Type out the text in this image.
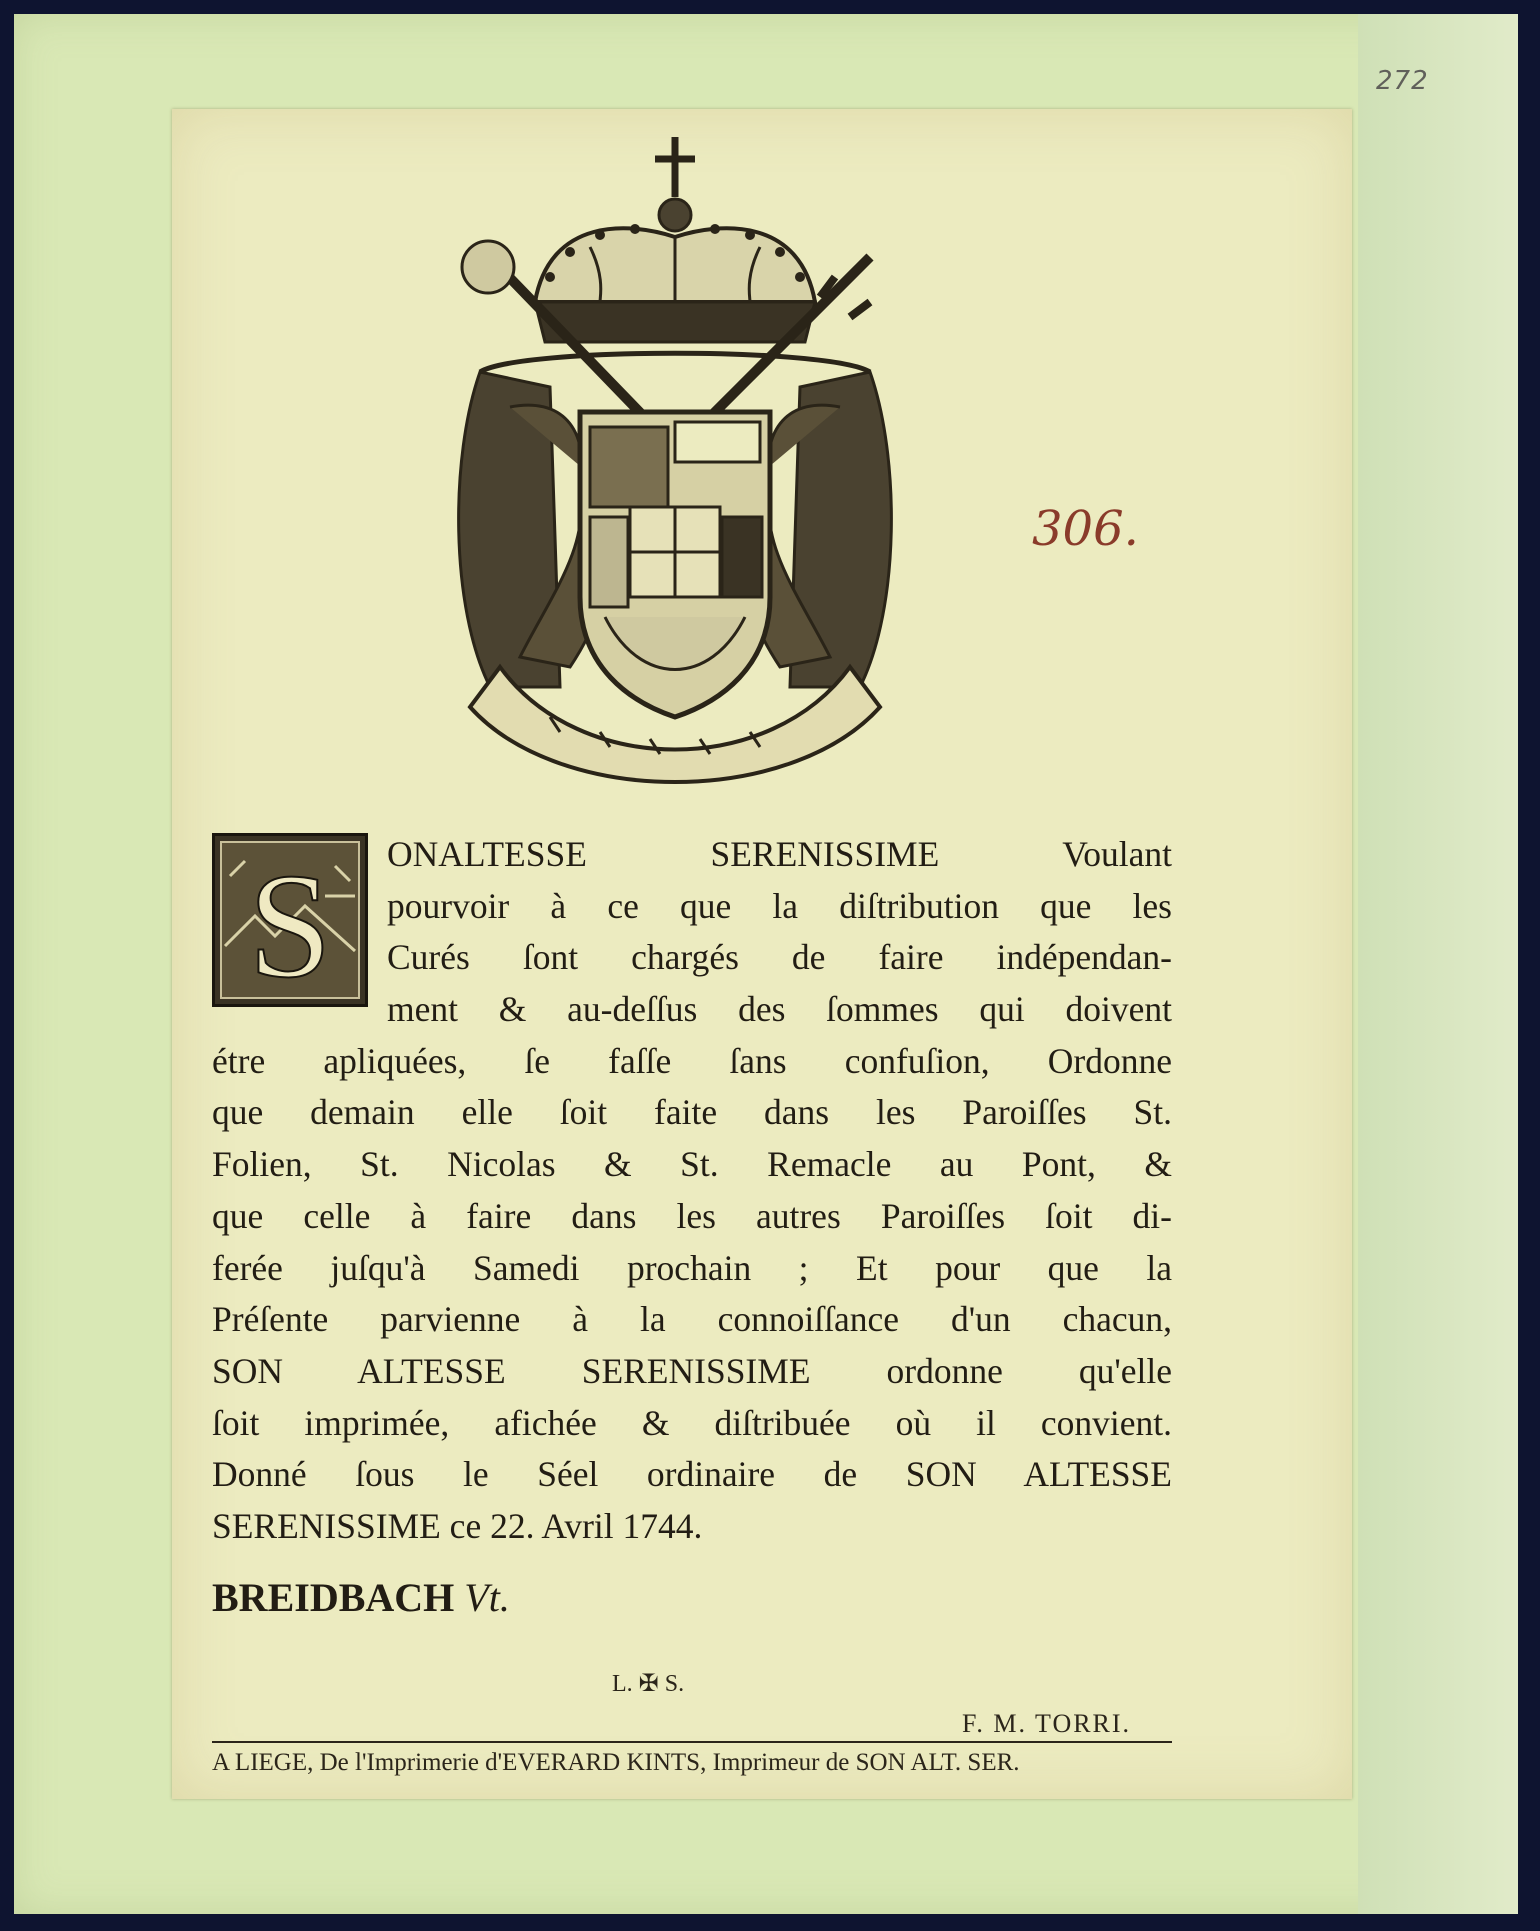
272
306.
S	ONALTESSE SERENISSIME Voulant
pourvoir à ce que la diſtribution que les
Curés ſont chargés de faire indépendan-
ment & au-deſſus des ſommes qui doivent
étre apliquées, ſe faſſe ſans confuſion, Ordonne
que demain elle ſoit faite dans les Paroiſſes St.
Folien, St. Nicolas & St. Remacle au Pont, &
que celle à faire dans les autres Paroiſſes ſoit di-
ferée juſqu'à Samedi prochain ; Et pour que la
Préſente parvienne à la connoiſſance d'un chacun,
SON ALTESSE SERENISSIME ordonne qu'elle
ſoit imprimée, afichée & diſtribuée où il convient.
Donné ſous le Séel ordinaire de SON ALTESSE
SERENISSIME ce 22. Avril 1744.
BREIDBACH Vt.
L. ✠ S.
F. M. TORRI.
A LIEGE, De l'Imprimerie d'EVERARD KINTS, Imprimeur de SON ALT. SER.
